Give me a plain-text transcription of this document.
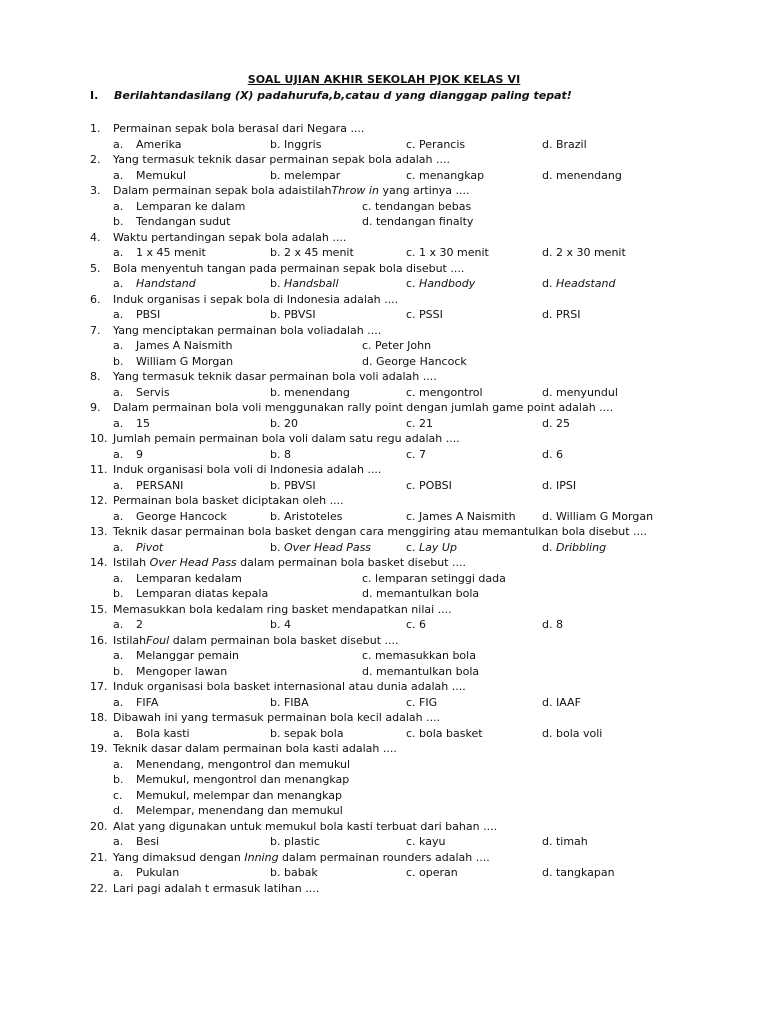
SOAL UJIAN AKHIR SEKOLAH PJOK KELAS VI
I. Berilahtandasilang (X) padahurufa,b,catau d yang dianggap paling tepat!
1.	Permainan sepak bola berasal dari Negara ....
a. Amerika	b. Inggris	c. Perancis	d. Brazil
2.	Yang termasuk teknik dasar permainan sepak bola adalah ....
a. Memukul	b. melempar	c. menangkap	d. menendang
3.	Dalam permainan sepak bola adaistilahThrow in yang artinya ....
a. Lemparan ke dalam	c. tendangan bebas
b. Tendangan sudut	d. tendangan finalty
4.	Waktu pertandingan sepak bola adalah ....
a. 1 x 45 menit	b. 2 x 45 menit	c. 1 x 30 menit	d. 2 x 30 menit
5.	Bola menyentuh tangan pada permainan sepak bola disebut ....
a. Handstand	b. Handsball	c. Handbody	d. Headstand
6.	Induk organisas i sepak bola di Indonesia adalah ....
a. PBSI	b. PBVSI	c. PSSI	d. PRSI
7.	Yang menciptakan permainan bola voliadalah ....
a. James A Naismith	c. Peter John
b. William G Morgan	d. George Hancock
8.	Yang termasuk teknik dasar permainan bola voli adalah ....
a. Servis	b. menendang	c. mengontrol	d. menyundul
9.	Dalam permainan bola voli menggunakan rally point dengan jumlah game point adalah ....
a. 15	b. 20	c. 21	d. 25
10. Jumlah pemain permainan bola voli dalam satu regu adalah ....
a. 9	b. 8	c. 7	d. 6
11. Induk organisasi bola voli di Indonesia adalah ....
a. PERSANI	b. PBVSI	c. POBSI	d. IPSI
12. Permainan bola basket diciptakan oleh ....
a. George Hancock	b. Aristoteles	c. James A Naismith d. William G Morgan
13. Teknik dasar permainan bola basket dengan cara menggiring atau memantulkan bola disebut ....
a. Pivot	b. Over Head Pass	c. Lay Up	d. Dribbling
14. Istilah Over Head Pass dalam permainan bola basket disebut ....
a. Lemparan kedalam	c. lemparan setinggi dada
b. Lemparan diatas kepala	d. memantulkan bola
15. Memasukkan bola kedalam ring basket mendapatkan nilai ....
a. 2	b. 4	c. 6	d. 8
16. IstilahFoul dalam permainan bola basket disebut ....
a. Melanggar pemain	c. memasukkan bola
b. Mengoper lawan	d. memantulkan bola
17. Induk organisasi bola basket internasional atau dunia adalah ....
a. FIFA	b. FIBA	c. FIG	d. IAAF
18. Dibawah ini yang termasuk permainan bola kecil adalah ....
a. Bola kasti	b. sepak bola	c. bola basket	d. bola voli
19. Teknik dasar dalam permainan bola kasti adalah ....
a. Menendang, mengontrol dan memukul
b. Memukul, mengontrol dan menangkap
c. Memukul, melempar dan menangkap
d. Melempar, menendang dan memukul
20. Alat yang digunakan untuk memukul bola kasti terbuat dari bahan ....
a. Besi	b. plastic	c. kayu	d. timah
21. Yang dimaksud dengan Inning dalam permainan rounders adalah ....
a. Pukulan	b. babak	c. operan	d. tangkapan
22. Lari pagi adalah t ermasuk latihan ....
